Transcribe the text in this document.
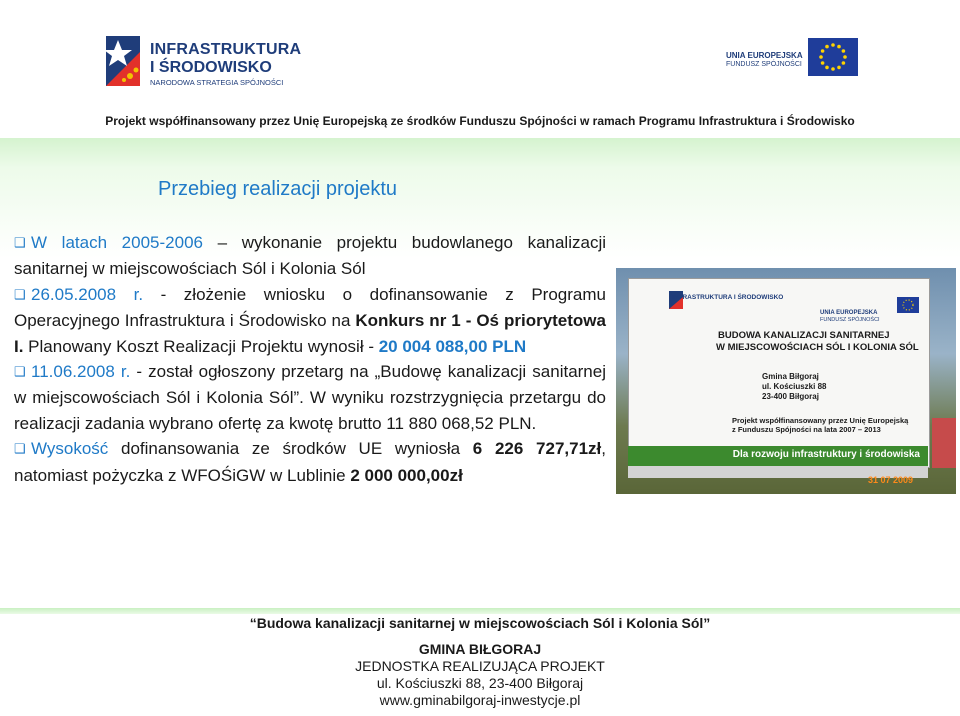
INFRASTRUKTURA
I ŚRODOWISKO
NARODOWA STRATEGIA SPÓJNOŚCI
UNIA EUROPEJSKA
FUNDUSZ SPÓJNOŚCI
Projekt współfinansowany przez Unię Europejską ze środków Funduszu Spójności w ramach Programu Infrastruktura i Środowisko
Przebieg realizacji projektu

❑ W latach 2005-2006 – wykonanie projektu budowlanego kanalizacji sanitarnej w miejscowościach Sól i Kolonia Sól

❑ 26.05.2008 r. - złożenie wniosku o dofinansowanie z Programu Operacyjnego Infrastruktura i Środowisko na Konkurs nr 1 - Oś priorytetowa I. Planowany Koszt Realizacji Projektu wynosił - 20 004 088,00 PLN

❑ 11.06.2008 r. - został ogłoszony przetarg na „Budowę kanalizacji sanitarnej w miejscowościach Sól i Kolonia Sól”. W wyniku rozstrzygnięcia przetargu do realizacji zadania wybrano ofertę za kwotę brutto 11 880 068,52 PLN.

❑ Wysokość dofinansowania ze środków UE wyniosła 6 226 727,71zł, natomiast pożyczka z WFOŚiGW w Lublinie 2 000 000,00zł

INFRASTRUKTURA I ŚRODOWISKO
UNIA EUROPEJSKA
FUNDUSZ SPÓJNOŚCI
BUDOWA KANALIZACJI SANITARNEJ
W MIEJSCOWOŚCIACH SÓL I KOLONIA SÓL
Gmina Biłgoraj
ul. Kościuszki 88
23-400 Biłgoraj
Projekt współfinansowany przez Unię Europejską
z Funduszu Spójności na lata 2007 – 2013
Dla rozwoju infrastruktury i środowiska
31 07 2009
“Budowa kanalizacji sanitarnej w miejscowościach Sól i Kolonia Sól”
GMINA BIŁGORAJ
JEDNOSTKA REALIZUJĄCA PROJEKT
ul. Kościuszki 88, 23-400 Biłgoraj
www.gminabilgoraj-inwestycje.pl
